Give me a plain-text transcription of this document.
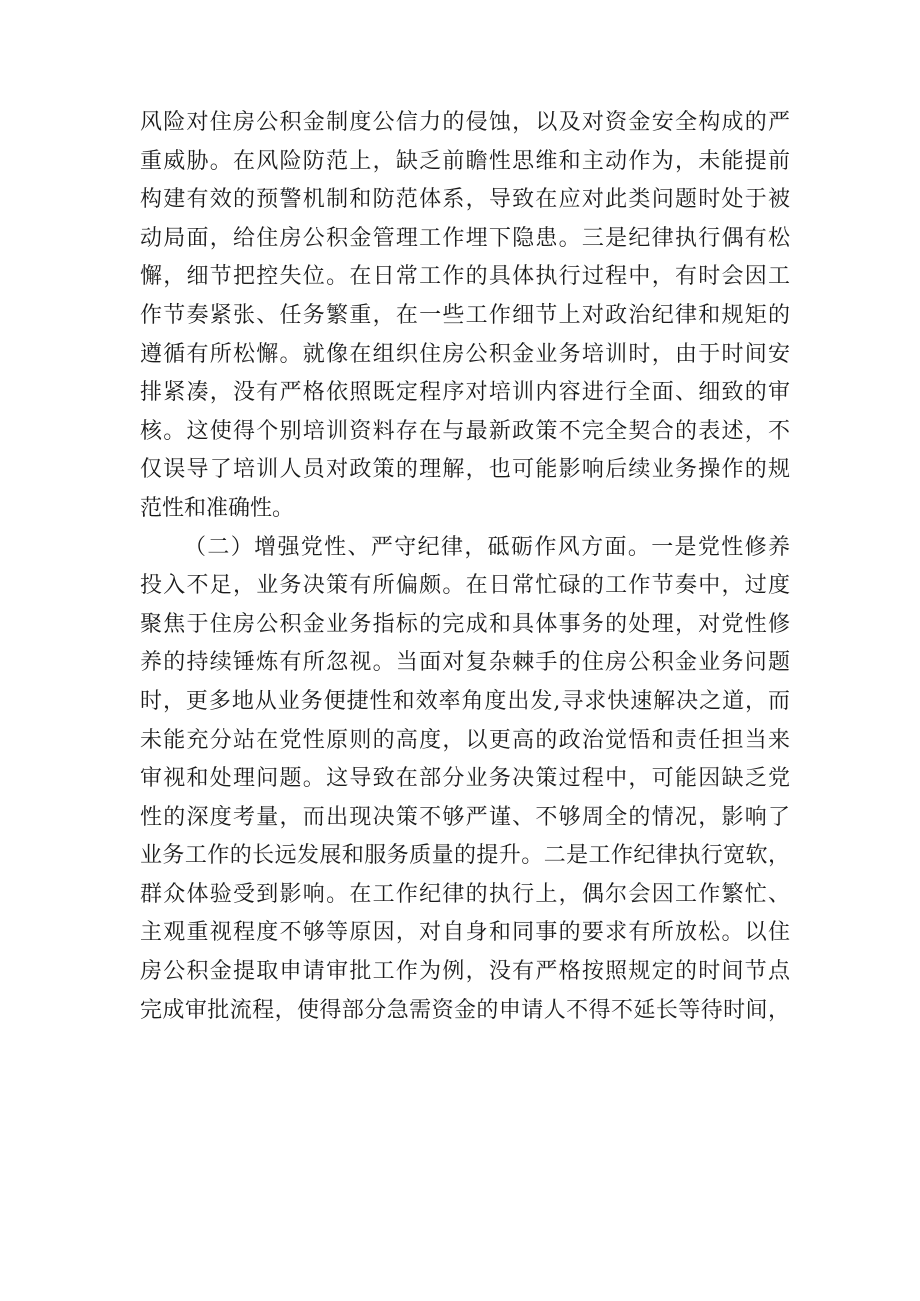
风险对住房公积金制度公信力的侵蚀，以及对资金安全构成的严
重威胁。在风险防范上，缺乏前瞻性思维和主动作为，未能提前
构建有效的预警机制和防范体系，导致在应对此类问题时处于被
动局面，给住房公积金管理工作埋下隐患。三是纪律执行偶有松
懈，细节把控失位。在日常工作的具体执行过程中，有时会因工
作节奏紧张、任务繁重，在一些工作细节上对政治纪律和规矩的
遵循有所松懈。就像在组织住房公积金业务培训时，由于时间安
排紧凑，没有严格依照既定程序对培训内容进行全面、细致的审
核。这使得个别培训资料存在与最新政策不完全契合的表述，不
仅误导了培训人员对政策的理解，也可能影响后续业务操作的规
范性和准确性。
（二）增强党性、严守纪律，砥砺作风方面。一是党性修养
投入不足，业务决策有所偏颇。在日常忙碌的工作节奏中，过度
聚焦于住房公积金业务指标的完成和具体事务的处理，对党性修
养的持续锤炼有所忽视。当面对复杂棘手的住房公积金业务问题
时，更多地从业务便捷性和效率角度出发,寻求快速解决之道，而
未能充分站在党性原则的高度，以更高的政治觉悟和责任担当来
审视和处理问题。这导致在部分业务决策过程中，可能因缺乏党
性的深度考量，而出现决策不够严谨、不够周全的情况，影响了
业务工作的长远发展和服务质量的提升。二是工作纪律执行宽软，
群众体验受到影响。在工作纪律的执行上，偶尔会因工作繁忙、
主观重视程度不够等原因，对自身和同事的要求有所放松。以住
房公积金提取申请审批工作为例，没有严格按照规定的时间节点
完成审批流程，使得部分急需资金的申请人不得不延长等待时间，
